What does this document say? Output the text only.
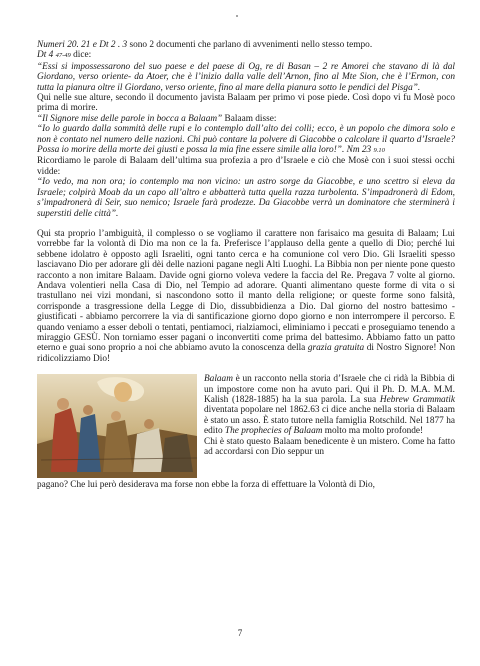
Numeri 20. 21 e Dt 2 . 3 sono 2 documenti che parlano di avvenimenti nello stesso tempo.

Dt 4 47-49 dice:

“Essi si impossessarono del suo paese e del paese di Og, re di Basan – 2 re Amorei che stavano di là dal Giordano, verso oriente- da Atoer, che è l’inizio dalla valle dell’Arnon, fino al Mte Sion, che è l’Ermon, con tutta la pianura oltre il Giordano, verso oriente, fino al mare della pianura sotto le pendici del Pisga”.

Qui nelle sue alture, secondo il documento javista Balaam per primo vi pose piede. Così dopo vi fu Mosè poco prima di morire.

“Il Signore mise delle parole in bocca a Balaam” Balaam disse:

“Io lo guardo dalla sommità delle rupi e lo contemplo dall’alto dei colli; ecco, è un popolo che dimora solo e non è contato nel numero delle nazioni. Chi può contare la polvere di Giacobbe o calcolare il quarto d’Israele? Possa io morire della morte dei giusti e possa la mia fine essere simile alla loro!”. Nm 23 9.10

Ricordiamo le parole di Balaam dell’ultima sua profezia a pro d’Israele e ciò che Mosè con i suoi stessi occhi vidde:

“Io vedo, ma non ora; io contemplo ma non vicino: un astro sorge da Giacobbe, e uno scettro si eleva da Israele; colpirà Moab da un capo all’altro e abbatterà tutta quella razza turbolenta. S’impadronerà di Edom, s’impadronerà di Seir, suo nemico; Israele farà prodezze. Da Giacobbe verrà un dominatore che sterminerà i superstiti delle città”.

Qui sta proprio l’ambiguità, il complesso o se vogliamo il carattere non farisaico ma gesuita di Balaam; Lui vorrebbe far la volontà di Dio ma non ce la fa. Preferisce l’applauso della gente a quello di Dio; perché lui sebbene idolatro è opposto agli Israeliti, ogni tanto cerca e ha comunione col vero Dio. Gli Israeliti spesso lasciavano Dio per adorare gli dèi delle nazioni pagane negli Alti Luoghi. La Bibbia non per niente pone questo racconto a non imitare Balaam. Davide ogni giorno voleva vedere la faccia del Re. Pregava 7 volte al giorno. Andava volentieri nella Casa di Dio, nel Tempio ad adorare. Quanti alimentano queste forme di vita o si trastullano nei vizi mondani, si nascondono sotto il manto della religione; or queste forme sono falsità, corrisponde a trasgressione della Legge di Dio, dissubbidienza a Dio. Dal giorno del nostro battesimo - giustificati - abbiamo percorrere la via di santificazione giorno dopo giorno e non interrompere il percorso. E quando veniamo a esser deboli o tentati, pentiamoci, rialziamoci, eliminiamo i peccati e proseguiamo tenendo a miraggio GESÙ. Non torniamo esser pagani o inconvertiti come prima del battesimo. Abbiamo fatto un patto eterno e guai sono proprio a noi che abbiamo avuto la conoscenza della grazia gratuita di Nostro Signore! Non ridicolizziamo Dio!

Balaam è un racconto nella storia d’Israele che ci ridà la Bibbia di un impostore come non ha avuto pari. Qui il Ph. D. M.A. M.M. Kalish (1828-1885) ha la sua parola. La sua Hebrew Grammatik diventata popolare nel 1862.63 ci dice anche nella storia di Balaam è stato un asso. È stato tutore nella famiglia Rotschild. Nel 1877 ha edito The prophecies of Balaam molto ma molto profonde!

Chi è stato questo Balaam benedicente è un mistero. Come ha fatto ad accordarsi con Dio seppur un

pagano? Che lui però desiderava ma forse non ebbe la forza di effettuare la Volontà di Dio,

7
